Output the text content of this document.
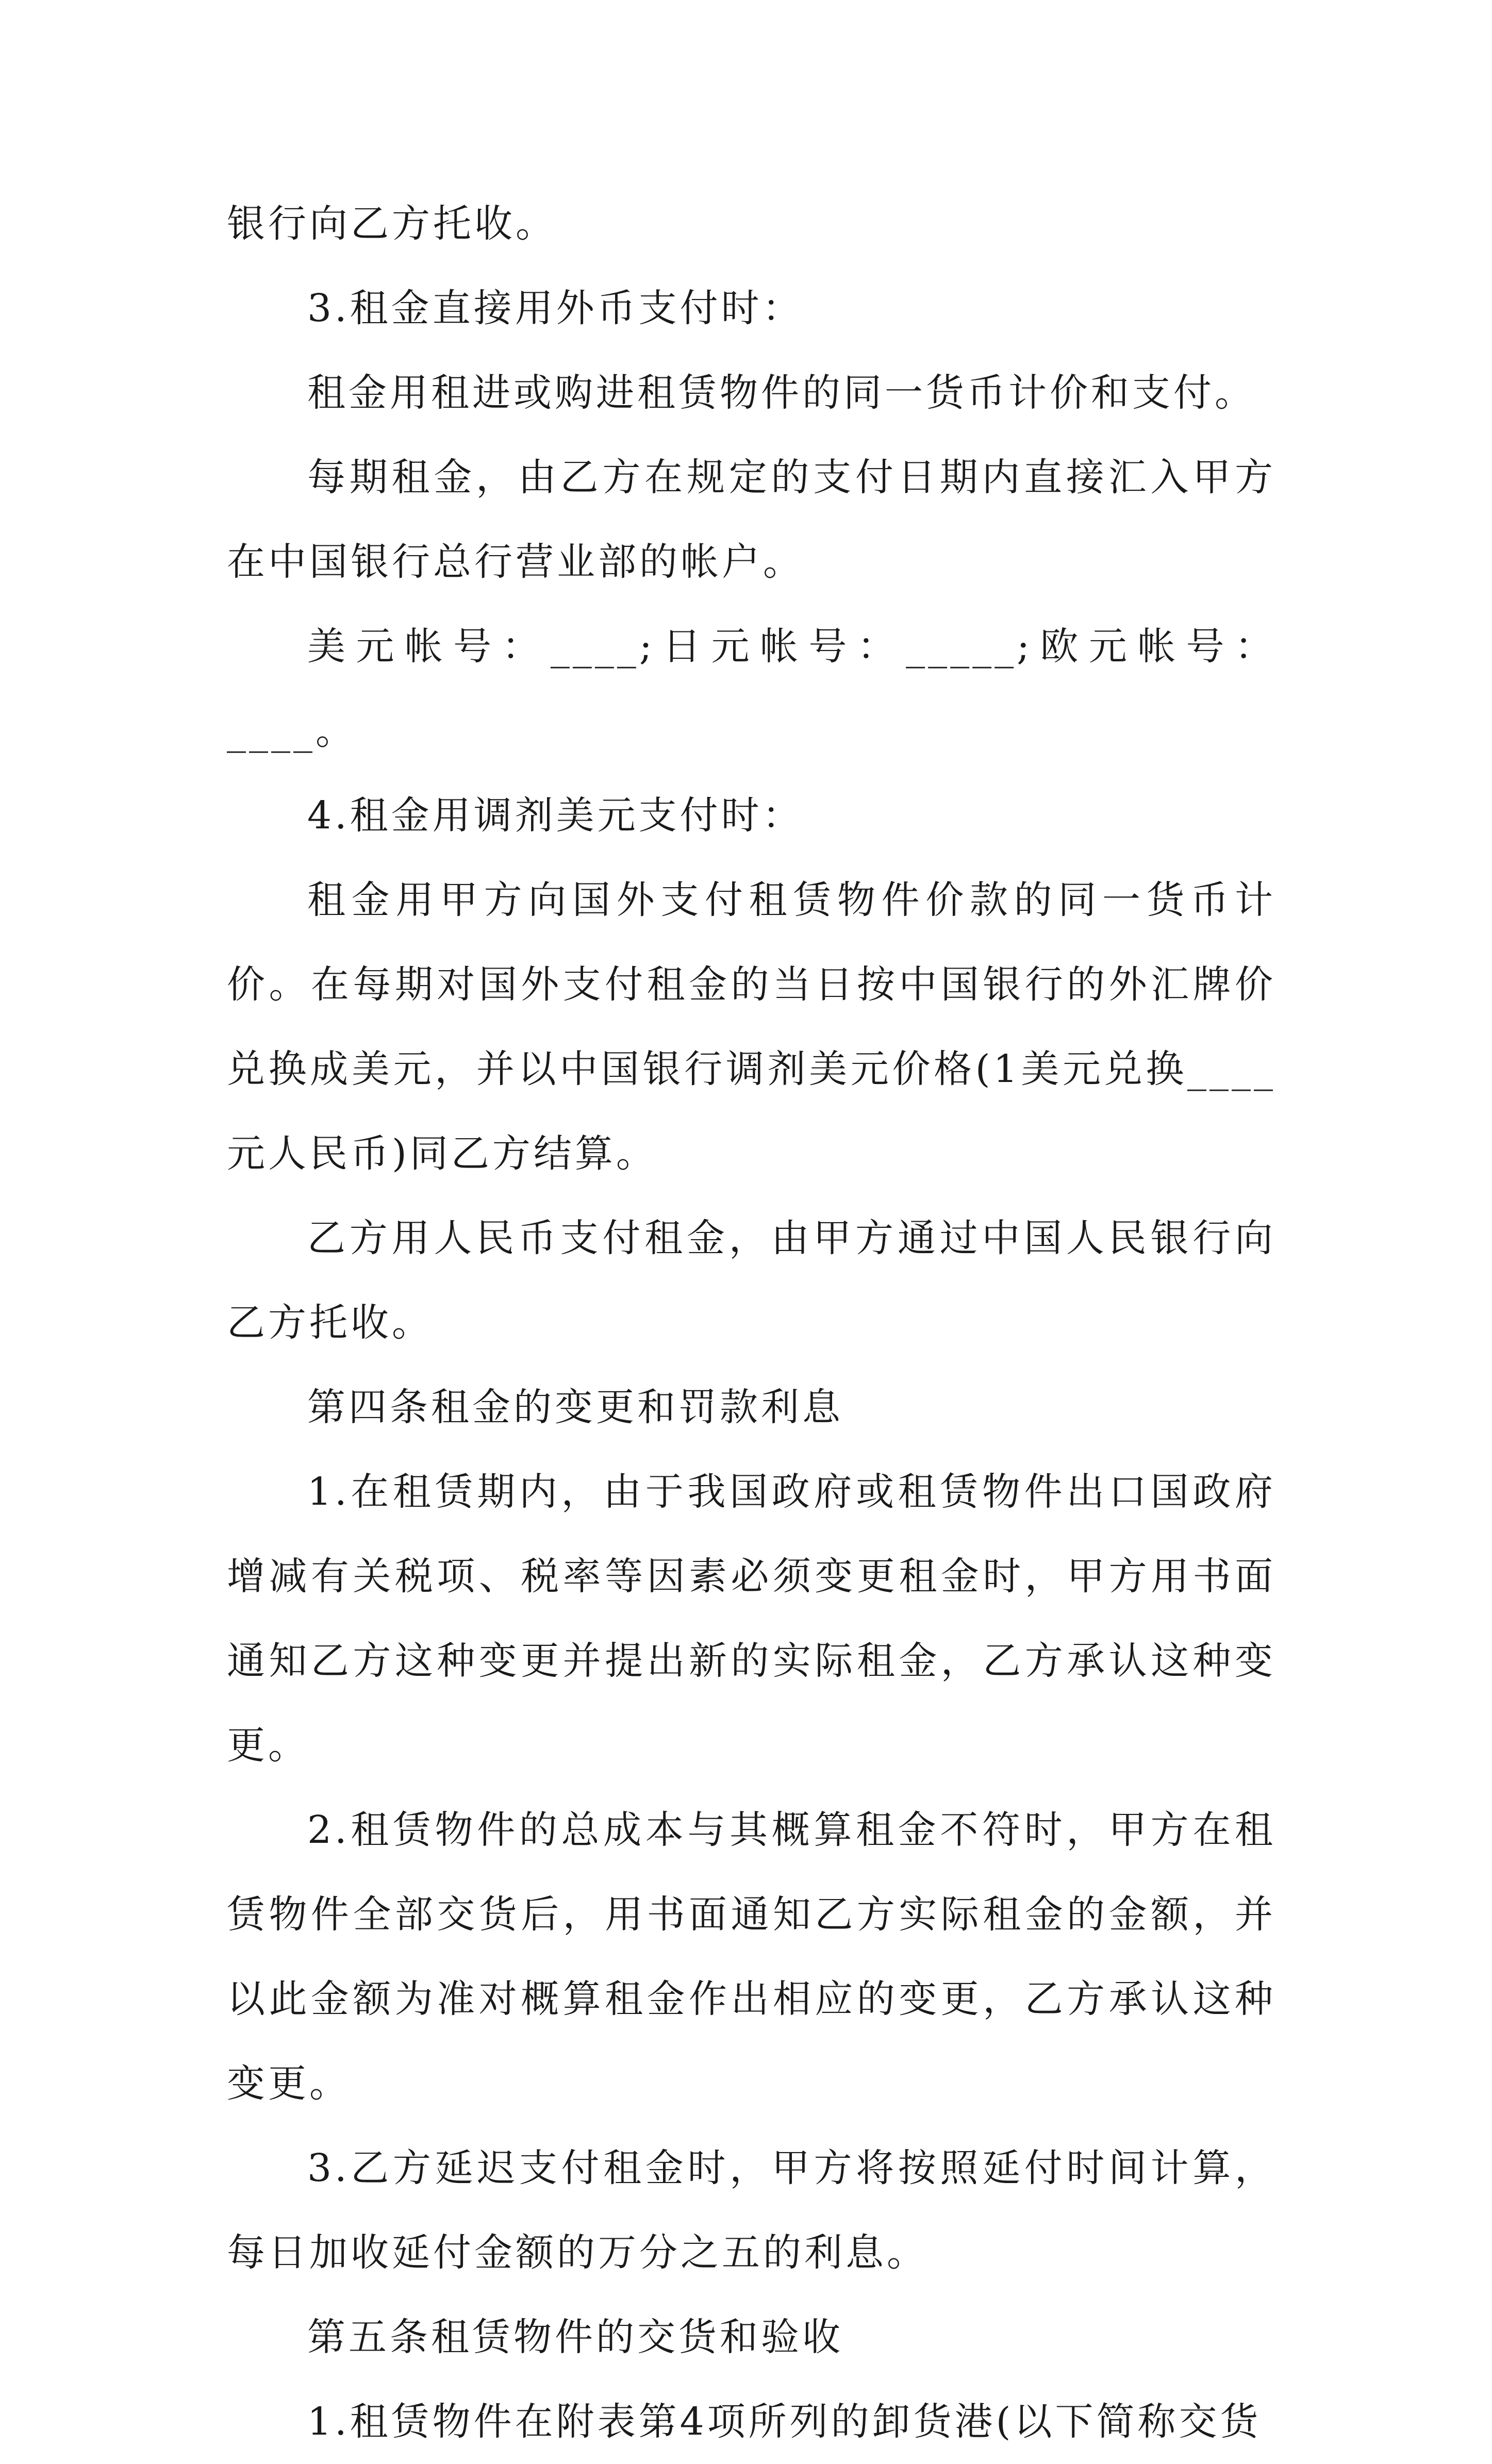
银行向乙方托收。

3.租金直接用外币支付时：

租金用租进或购进租赁物件的同一货币计价和支付。

每期租金，由乙方在规定的支付日期内直接汇入甲方在中国银行总行营业部的帐户。

美元帐号：____;日元帐号：_____;欧元帐号：____。

4.租金用调剂美元支付时：

租金用甲方向国外支付租赁物件价款的同一货币计价。在每期对国外支付租金的当日按中国银行的外汇牌价兑换成美元，并以中国银行调剂美元价格(1美元兑换____元人民币)同乙方结算。

乙方用人民币支付租金，由甲方通过中国人民银行向乙方托收。

第四条租金的变更和罚款利息

1.在租赁期内，由于我国政府或租赁物件出口国政府增减有关税项、税率等因素必须变更租金时，甲方用书面通知乙方这种变更并提出新的实际租金，乙方承认这种变更。

2.租赁物件的总成本与其概算租金不符时，甲方在租赁物件全部交货后，用书面通知乙方实际租金的金额，并以此金额为准对概算租金作出相应的变更，乙方承认这种变更。

3.乙方延迟支付租金时，甲方将按照延付时间计算，每日加收延付金额的万分之五的利息。

第五条租赁物件的交货和验收

1.租赁物件在附表第4项所列的卸货港(以下简称交货
